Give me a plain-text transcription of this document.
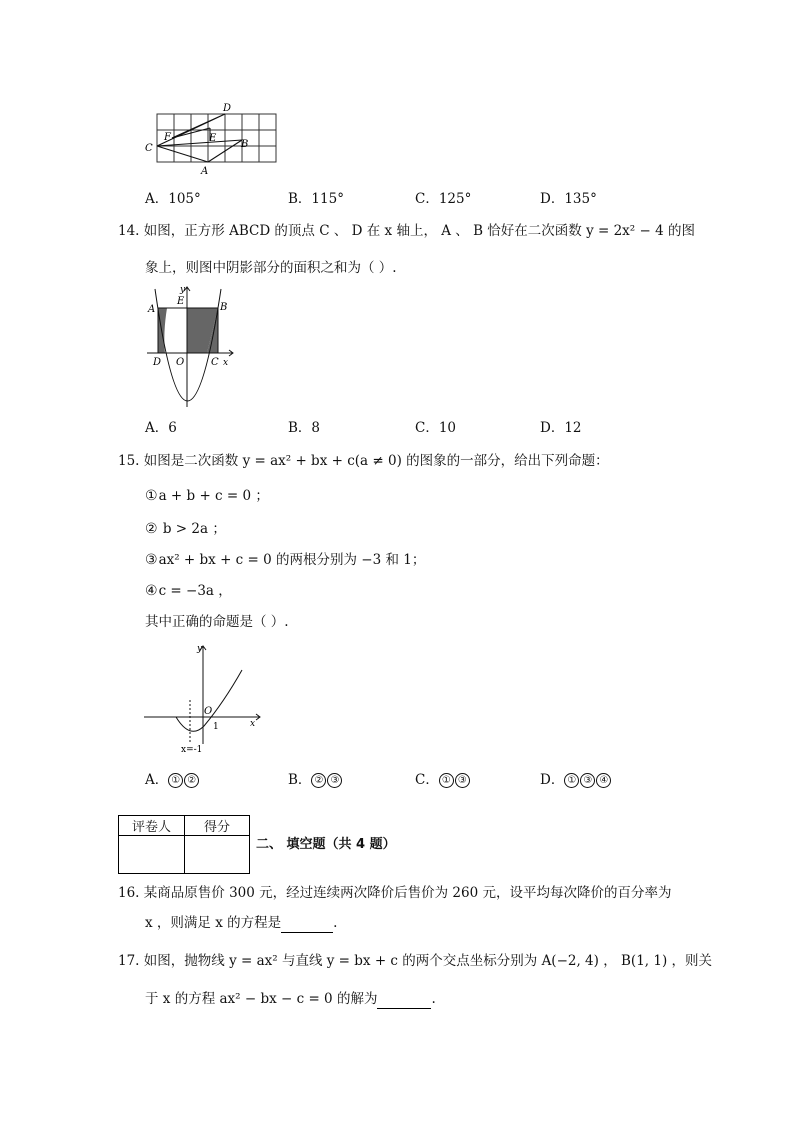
D
F	E
C	B
A
A．105°	B．115°	C．125°	D．135°
14. 如图，正方形 ABCD 的顶点 C 、 D 在 x 轴上， A 、 B 恰好在二次函数 y = 2x² − 4 的图
象上，则图中阴影部分的面积之和为（ ）.
y
E
A	B
D O	C x
A．6	B．8	C．10	D．12
15. 如图是二次函数 y = ax² + bx + c(a ≠ 0) 的图象的一部分，给出下列命题：
①a + b + c = 0 ；
② b > 2a ；
③ax² + bx + c = 0 的两根分别为 −3 和 1；
④c = −3a ，
其中正确的命题是（ ）.
y
O
x
1
x=-1
A． ① ②	B． ② ③	C． ① ③	D． ① ③ ④
评卷人	得分

二、 填空题（共 4 题）
16. 某商品原售价 300 元，经过连续两次降价后售价为 260 元，设平均每次降价的百分率为
x ，则满足 x 的方程是	.
17. 如图，抛物线 y = ax² 与直线 y = bx + c 的两个交点坐标分别为 A(−2, 4) ， B(1, 1) ，则关
于 x 的方程 ax² − bx − c = 0 的解为	.
